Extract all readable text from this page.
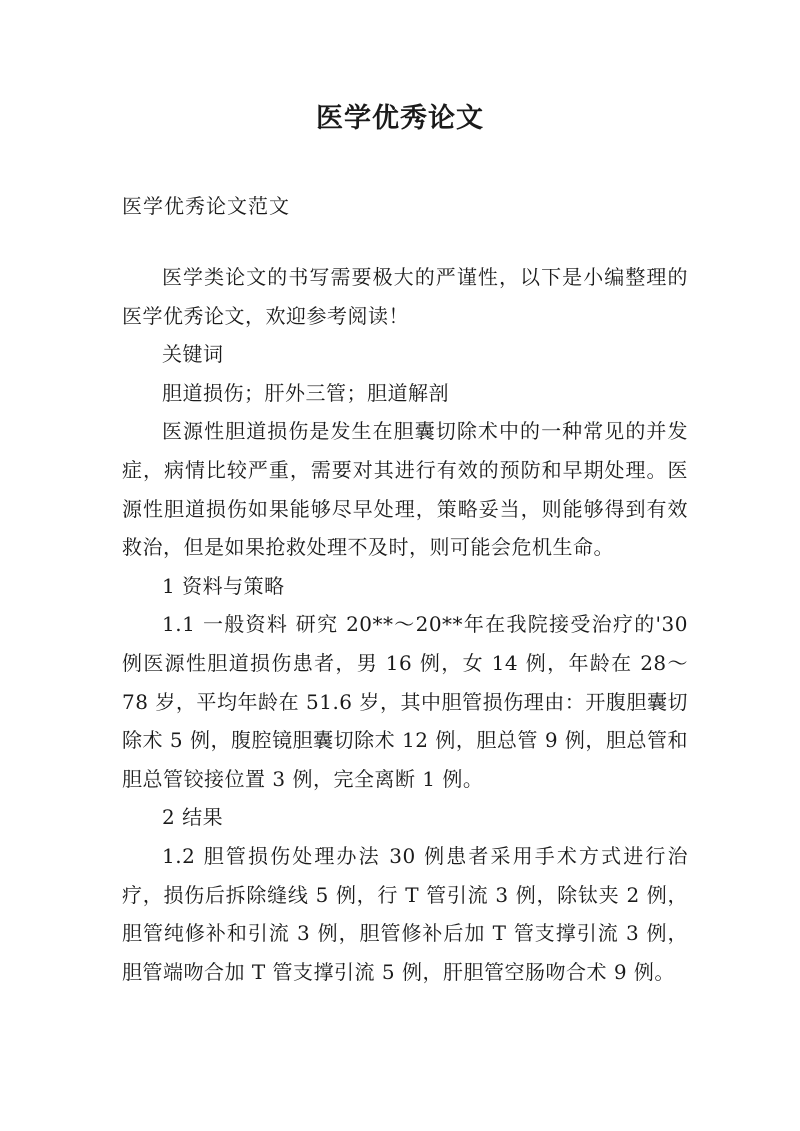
医学优秀论文

医学优秀论文范文

医学类论文的书写需要极大的严谨性，以下是小编整理的医学优秀论文，欢迎参考阅读！

关键词

胆道损伤；肝外三管；胆道解剖

医源性胆道损伤是发生在胆囊切除术中的一种常见的并发症，病情比较严重，需要对其进行有效的预防和早期处理。医源性胆道损伤如果能够尽早处理，策略妥当，则能够得到有效救治，但是如果抢救处理不及时，则可能会危机生命。

1 资料与策略

1.1 一般资料 研究 20**～20**年在我院接受治疗的'30 例医源性胆道损伤患者，男 16 例，女 14 例，年龄在 28～78 岁，平均年龄在 51.6 岁，其中胆管损伤理由：开腹胆囊切除术 5 例，腹腔镜胆囊切除术 12 例，胆总管 9 例，胆总管和胆总管铰接位置 3 例，完全离断 1 例。

2 结果

1.2 胆管损伤处理办法 30 例患者采用手术方式进行治疗，损伤后拆除缝线 5 例，行 T 管引流 3 例，除钛夹 2 例，胆管纯修补和引流 3 例，胆管修补后加 T 管支撑引流 3 例，胆管端吻合加 T 管支撑引流 5 例，肝胆管空肠吻合术 9 例。
